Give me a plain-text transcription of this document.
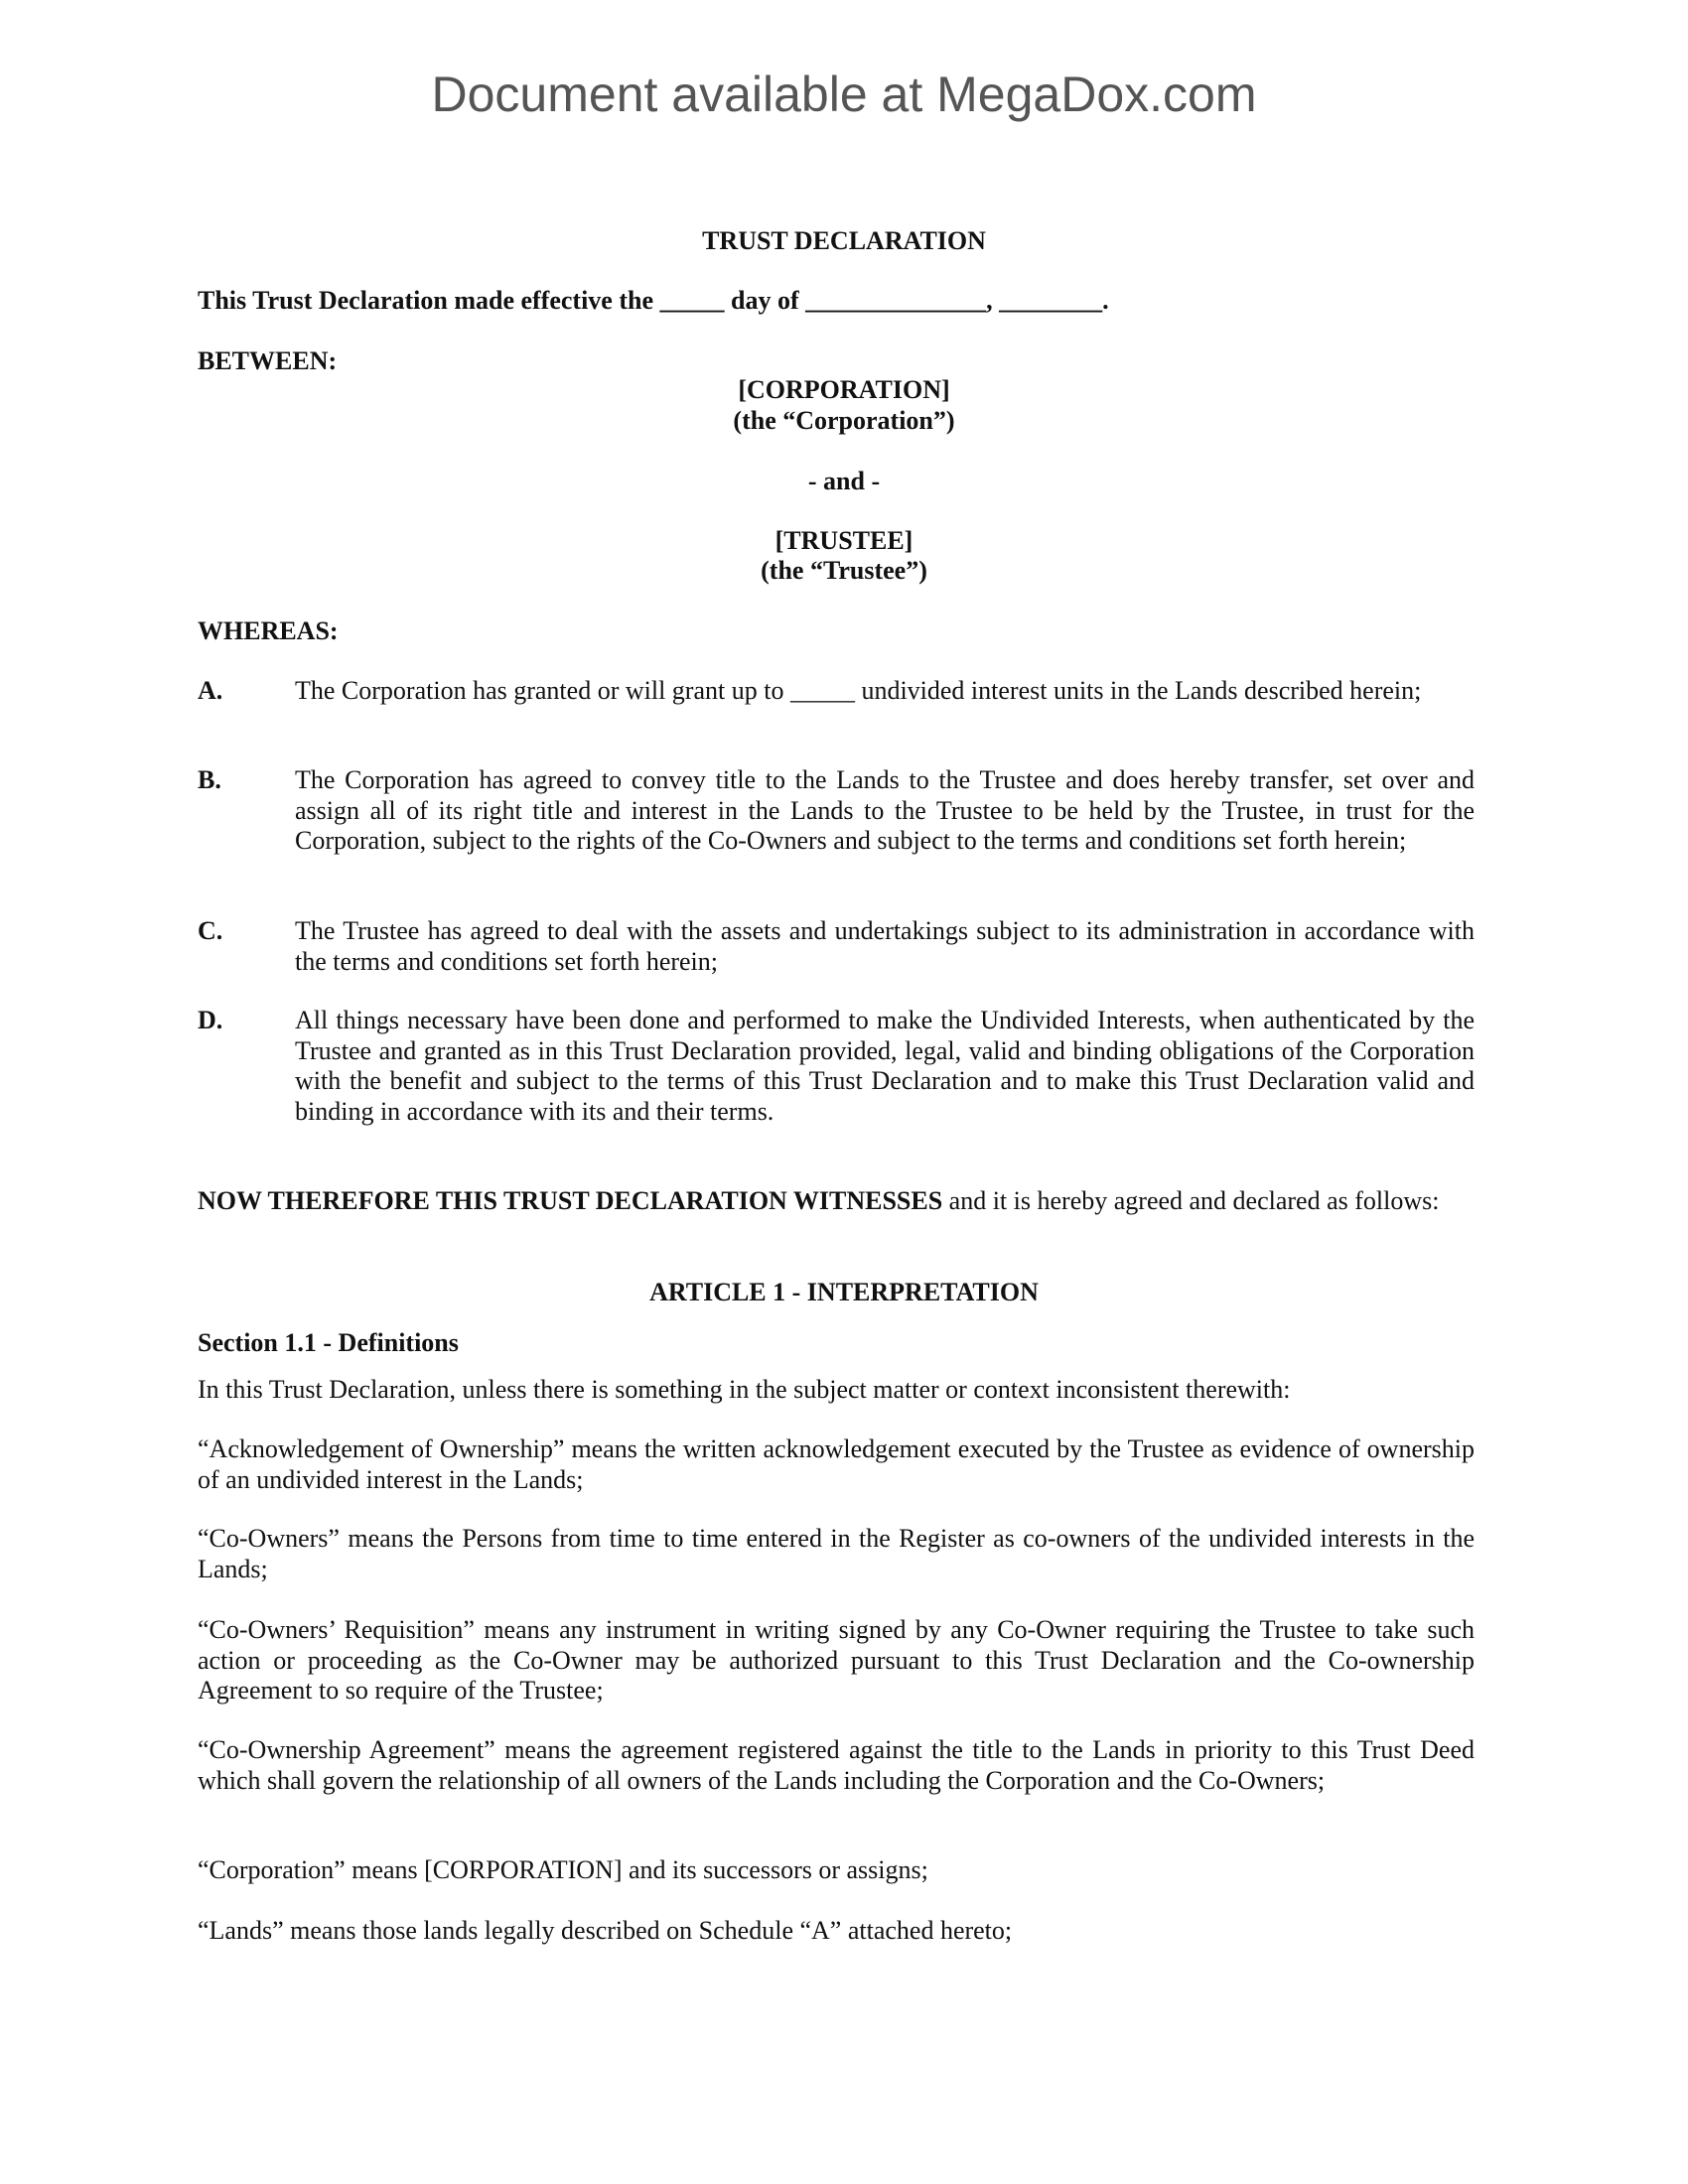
Document available at MegaDox.com
TRUST DECLARATION
This Trust Declaration made effective the _____ day of ______________, ________.
BETWEEN:
[CORPORATION]
(the “Corporation”)
- and -
[TRUSTEE]
(the “Trustee”)
WHEREAS:
A.	The Corporation has granted or will grant up to _____ undivided interest units in the Lands described herein;
B.	The Corporation has agreed to convey title to the Lands to the Trustee and does hereby transfer, set over and assign all of its right title and interest in the Lands to the Trustee to be held by the Trustee, in trust for the Corporation, subject to the rights of the Co-Owners and subject to the terms and conditions set forth herein;
C.	The Trustee has agreed to deal with the assets and undertakings subject to its administration in accordance with the terms and conditions set forth herein;
D.	All things necessary have been done and performed to make the Undivided Interests, when authenticated by the Trustee and granted as in this Trust Declaration provided, legal, valid and binding obligations of the Corporation with the benefit and subject to the terms of this Trust Declaration and to make this Trust Declaration valid and binding in accordance with its and their terms.
NOW THEREFORE THIS TRUST DECLARATION WITNESSES and it is hereby agreed and declared as follows:
ARTICLE 1 - INTERPRETATION
Section 1.1 - Definitions
In this Trust Declaration, unless there is something in the subject matter or context inconsistent therewith:
“Acknowledgement of Ownership” means the written acknowledgement executed by the Trustee as evidence of ownership of an undivided interest in the Lands;
“Co-Owners” means the Persons from time to time entered in the Register as co-owners of the undivided interests in the Lands;
“Co-Owners’ Requisition” means any instrument in writing signed by any Co-Owner requiring the Trustee to take such action or proceeding as the Co-Owner may be authorized pursuant to this Trust Declaration and the Co-ownership Agreement to so require of the Trustee;
“Co-Ownership Agreement” means the agreement registered against the title to the Lands in priority to this Trust Deed which shall govern the relationship of all owners of the Lands including the Corporation and the Co-Owners;
“Corporation” means [CORPORATION] and its successors or assigns;
“Lands” means those lands legally described on Schedule “A” attached hereto;
